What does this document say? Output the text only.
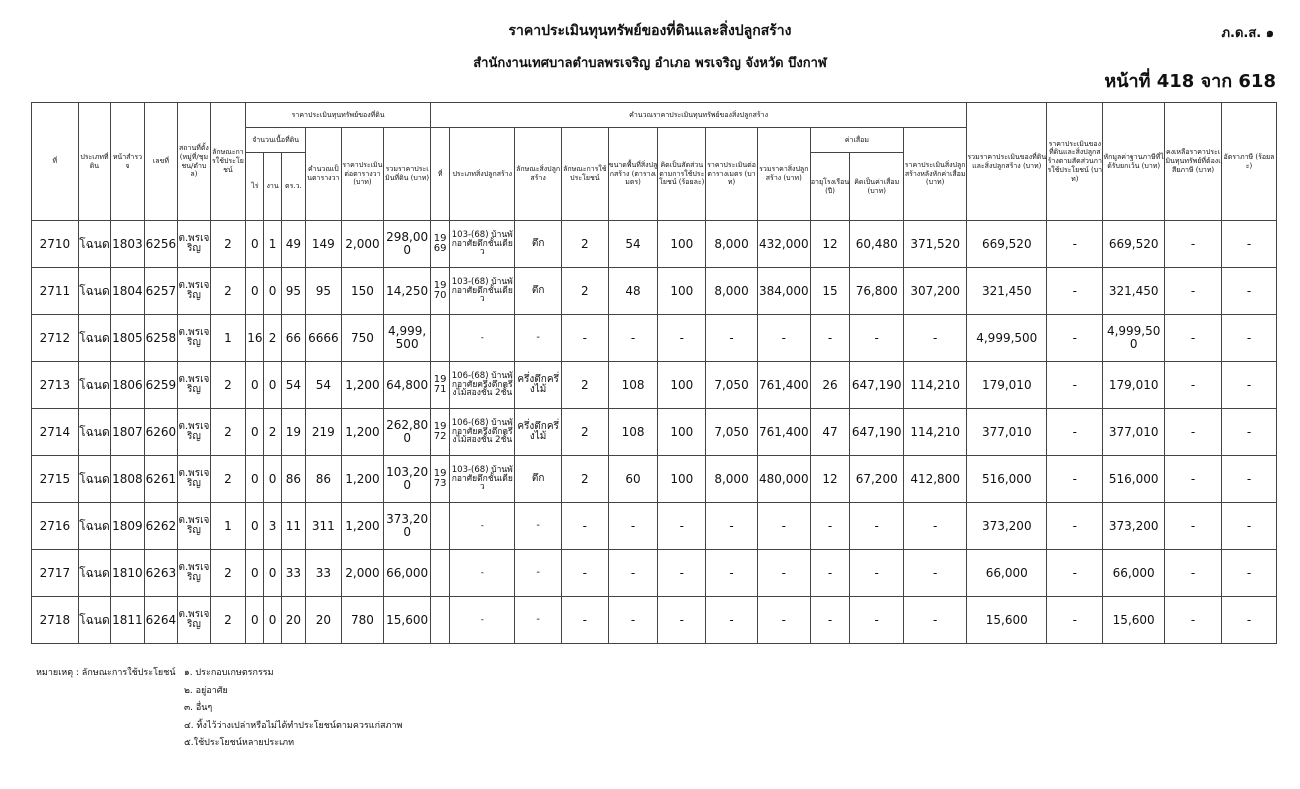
ราคาประเมินทุนทรัพย์ของที่ดินและสิ่งปลูกสร้าง
สำนักงานเทศบาลตำบลพรเจริญ อำเภอ พรเจริญ จังหวัด บึงกาฬ
ภ.ด.ส. ๑
หน้าที่ 418 จาก 618
ที่	ประเภทที่ดิน	หน้าสำรวจ	เลขที่	สถานที่ตั้ง(หมู่ที่/ชุมชน/ตำบล)	ลักษณะการใช้ประโยชน์	ราคาประเมินทุนทรัพย์ของที่ดิน						คำนวณราคาประเมินทุนทรัพย์ของสิ่งปลูกสร้าง											รวมราคาประเมินของที่ดินและสิ่งปลูกสร้าง (บาท)	ราคาประเมินของที่ดินและสิ่งปลูกสร้างตามสัดส่วนการใช้ประโยชน์ (บาท)	หักมูลค่าฐานภาษีที่ได้รับยกเว้น (บาท)	คงเหลือราคาประเมินทุนทรัพย์ที่ต้องเสียภาษี (บาท)	อัตราภาษี (ร้อยละ)
						จำนวนเนื้อที่ดิน			คำนวณเป็นตารางวา	ราคาประเมินต่อตารางวา (บาท)	รวมราคาประเมินที่ดิน (บาท)	ที่	ประเภทสิ่งปลูกสร้าง	ลักษณะสิ่งปลูกสร้าง	ลักษณะการใช้ประโยชน์	ขนาดพื้นที่สิ่งปลูกสร้าง (ตารางเมตร)	คิดเป็นสัดส่วนตามการใช้ประโยชน์ (ร้อยละ)	ราคาประเมินต่อตารางเมตร (บาท)	รวมราคาสิ่งปลูกสร้าง (บาท)	ค่าเสื่อม		ราคาประเมินสิ่งปลูกสร้างหลังหักค่าเสื่อม (บาท)					
						ไร่	งาน	ตร.ว.												อายุโรงเรือน (ปี)	คิดเป็นค่าเสื่อม (บาท)						
2710	โฉนด	1803	6256	ต.พรเจริญ	2	0	1	49	149	2,000	298,000	1969	103-(68) บ้านพักอาศัยตึกชั้นเดียว	ตึก	2	54	100	8,000	432,000	12	60,480	371,520	669,520	-	669,520	-	-
2711	โฉนด	1804	6257	ต.พรเจริญ	2	0	0	95	95	150	14,250	1970	103-(68) บ้านพักอาศัยตึกชั้นเดียว	ตึก	2	48	100	8,000	384,000	15	76,800	307,200	321,450	-	321,450	-	-
2712	โฉนด	1805	6258	ต.พรเจริญ	1	16	2	66	6666	750	4,999,500		-	-	-	-	-	-	-	-	-	-	4,999,500	-	4,999,500	-	-
2713	โฉนด	1806	6259	ต.พรเจริญ	2	0	0	54	54	1,200	64,800	1971	106-(68) บ้านพักอาศัยครึ่งตึกครึ่งไม้สองชั้น 2ชั้น	ครึ่งตึกครึ่งไม้	2	108	100	7,050	761,400	26	647,190	114,210	179,010	-	179,010	-	-
2714	โฉนด	1807	6260	ต.พรเจริญ	2	0	2	19	219	1,200	262,800	1972	106-(68) บ้านพักอาศัยครึ่งตึกครึ่งไม้สองชั้น 2ชั้น	ครึ่งตึกครึ่งไม้	2	108	100	7,050	761,400	47	647,190	114,210	377,010	-	377,010	-	-
2715	โฉนด	1808	6261	ต.พรเจริญ	2	0	0	86	86	1,200	103,200	1973	103-(68) บ้านพักอาศัยตึกชั้นเดียว	ตึก	2	60	100	8,000	480,000	12	67,200	412,800	516,000	-	516,000	-	-
2716	โฉนด	1809	6262	ต.พรเจริญ	1	0	3	11	311	1,200	373,200		-	-	-	-	-	-	-	-	-	-	373,200	-	373,200	-	-
2717	โฉนด	1810	6263	ต.พรเจริญ	2	0	0	33	33	2,000	66,000		-	-	-	-	-	-	-	-	-	-	66,000	-	66,000	-	-
2718	โฉนด	1811	6264	ต.พรเจริญ	2	0	0	20	20	780	15,600		-	-	-	-	-	-	-	-	-	-	15,600	-	15,600	-	-
หมายเหตุ : ลักษณะการใช้ประโยชน์ ๑. ประกอบเกษตรกรรม
๒. อยู่อาศัย
๓. อื่นๆ
๔. ทิ้งไว้ว่างเปล่าหรือไม่ได้ทำประโยชน์ตามควรแก่สภาพ
๕.ใช้ประโยชน์หลายประเภท
